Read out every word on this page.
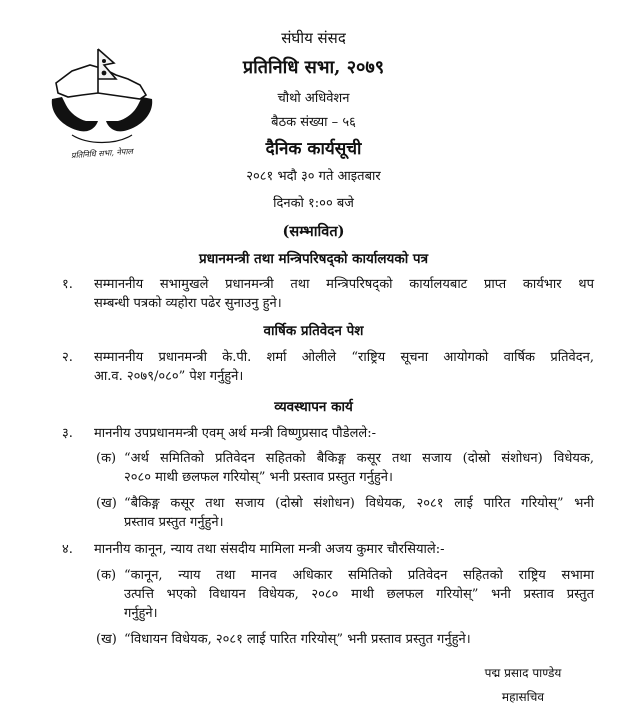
प्रतिनिधि सभा, नेपाल
संघीय संसद
प्रतिनिधि सभा, २०७९
चौथो अधिवेशन
बैठक संख्या – ५६
दैनिक कार्यसूची
२०८१ भदौ ३० गते आइतबार
दिनको १:०० बजे
(सम्भावित)
प्रधानमन्त्री तथा मन्त्रिपरिषद्को कार्यालयको पत्र
१. सम्माननीय सभामुखले प्रधानमन्त्री तथा मन्त्रिपरिषद्को कार्यालयबाट प्राप्त कार्यभार थप
सम्बन्धी पत्रको व्यहोरा पढेर सुनाउनु हुने।
वार्षिक प्रतिवेदन पेश
२. सम्माननीय प्रधानमन्त्री के.पी. शर्मा ओलीले “राष्ट्रिय सूचना आयोगको वार्षिक प्रतिवेदन,
आ.व. २०७९/०८०” पेश गर्नुहुने।
व्यवस्थापन कार्य
३. माननीय उपप्रधानमन्त्री एवम् अर्थ मन्त्री विष्णुप्रसाद पौडेलले:-
(क) “अर्थ समितिको प्रतिवेदन सहितको बैकिङ्ग कसूर तथा सजाय (दोस्रो संशोधन) विधेयक,
२०८० माथी छलफल गरियोस्” भनी प्रस्ताव प्रस्तुत गर्नुहुने।
(ख) “बैकिङ्ग कसूर तथा सजाय (दोस्रो संशोधन) विधेयक, २०८१ लाई पारित गरियोस्” भनी
प्रस्ताव प्रस्तुत गर्नुहुने।
४. माननीय कानून, न्याय तथा संसदीय मामिला मन्त्री अजय कुमार चौरसियाले:-
(क) “कानून, न्याय तथा मानव अधिकार समितिको प्रतिवेदन सहितको राष्ट्रिय सभामा
उत्पत्ति भएको विधायन विधेयक, २०८० माथी छलफल गरियोस्” भनी प्रस्ताव प्रस्तुत
गर्नुहुने।
(ख) “विधायन विधेयक, २०८१ लाई पारित गरियोस्” भनी प्रस्ताव प्रस्तुत गर्नुहुने।
पद्म प्रसाद पाण्डेय
महासचिव
